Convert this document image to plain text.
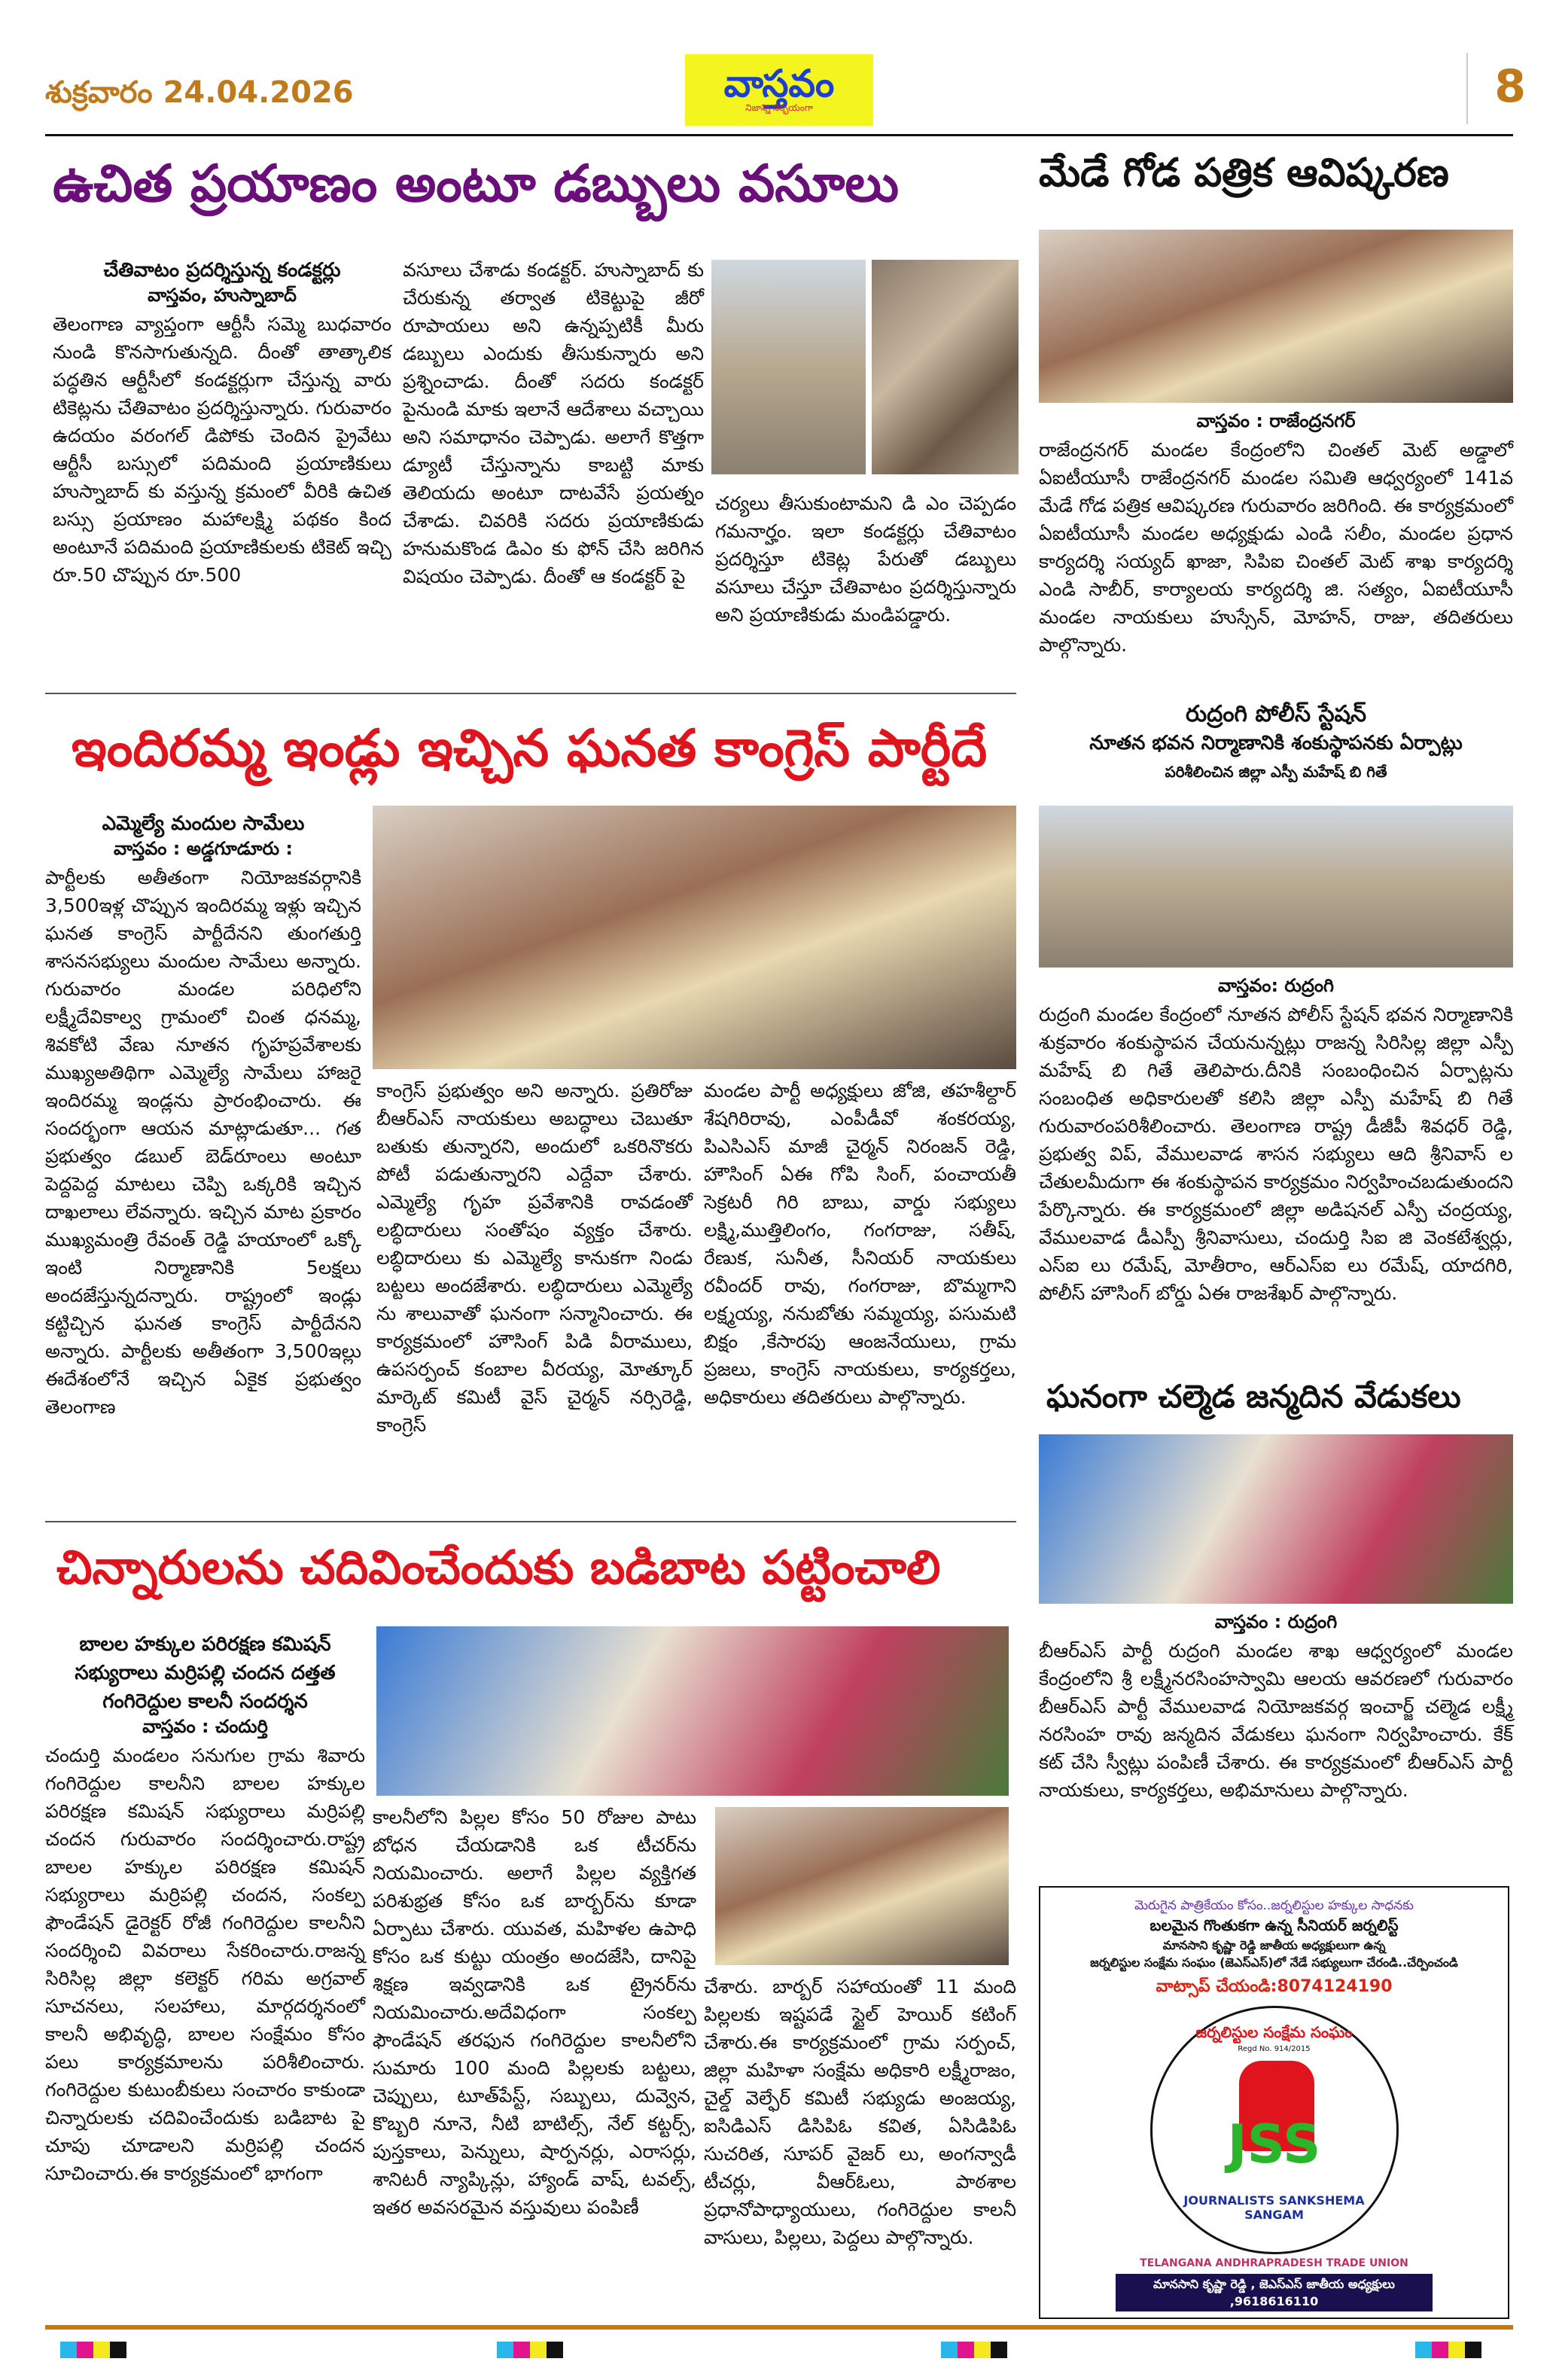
శుక్రవారం 24.04.2026	వాస్తవం
నిజాన్ని నిర్భయంగా	8
ఉచిత ప్రయాణం అంటూ డబ్బులు వసూలు
చేతివాటం ప్రదర్శిస్తున్న కండక్టర్లు
వాస్తవం, హుస్నాబాద్
తెలంగాణ వ్యాప్తంగా ఆర్టీసీ సమ్మె బుధవారం నుండి కొనసాగుతున్నది. దీంతో తాత్కాలిక పద్ధతిన ఆర్టీసీలో కండక్టర్లుగా చేస్తున్న వారు టికెట్లను చేతివాటం ప్రదర్శిస్తున్నారు. గురువారం ఉదయం వరంగల్ డిపోకు చెందిన ప్రైవేటు ఆర్టీసీ బస్సులో పదిమంది ప్రయాణికులు హుస్నాబాద్ కు వస్తున్న క్రమంలో వీరికి ఉచిత బస్సు ప్రయాణం మహాలక్ష్మి పథకం కింద అంటూనే పదిమంది ప్రయాణికులకు టికెట్ ఇచ్చి రూ.50 చొప్పున రూ.500
వసూలు చేశాడు కండక్టర్. హుస్నాబాద్ కు చేరుకున్న తర్వాత టికెట్టుపై జీరో రూపాయలు అని ఉన్నప్పటికీ మీరు డబ్బులు ఎందుకు తీసుకున్నారు అని ప్రశ్నించాడు. దీంతో సదరు కండక్టర్ పైనుండి మాకు ఇలానే ఆదేశాలు వచ్చాయి అని సమాధానం చెప్పాడు. అలాగే కొత్తగా డ్యూటీ చేస్తున్నాను కాబట్టి మాకు తెలియదు అంటూ దాటవేసే ప్రయత్నం చేశాడు. చివరికి సదరు ప్రయాణికుడు హనుమకొండ డిఎం కు ఫోన్ చేసి జరిగిన విషయం చెప్పాడు. దీంతో ఆ కండక్టర్ పై
చర్యలు తీసుకుంటామని డి ఎం చెప్పడం గమనార్హం. ఇలా కండక్టర్లు చేతివాటం ప్రదర్శిస్తూ టికెట్ల పేరుతో డబ్బులు వసూలు చేస్తూ చేతివాటం ప్రదర్శిస్తున్నారు అని ప్రయాణికుడు మండిపడ్డారు.
మేడే గోడ పత్రిక ఆవిష్కరణ
వాస్తవం : రాజేంద్రనగర్
రాజేంద్రనగర్ మండల కేంద్రంలోని చింతల్ మెట్ అడ్డాలో ఏఐటీయూసీ రాజేంద్రనగర్ మండల సమితి ఆధ్వర్యంలో 141వ మేడే గోడ పత్రిక ఆవిష్కరణ గురువారం జరిగింది. ఈ కార్యక్రమంలో ఏఐటీయూసీ మండల అధ్యక్షుడు ఎండి సలీం, మండల ప్రధాన కార్యదర్శి సయ్యద్ ఖాజా, సిపిఐ చింతల్ మెట్ శాఖ కార్యదర్శి ఎండి సాబీర్, కార్యాలయ కార్యదర్శి జి. సత్యం, ఏఐటీయూసీ మండల నాయకులు హుస్సేన్, మోహన్, రాజు, తదితరులు పాల్గొన్నారు.
ఇందిరమ్మ ఇండ్లు ఇచ్చిన ఘనత కాంగ్రెస్ పార్టీదే
ఎమ్మెల్యే మందుల సామేలు
వాస్తవం : అడ్డగూడూరు :
పార్టీలకు అతీతంగా నియోజకవర్గానికి 3,500ఇళ్ల చొప్పున ఇందిరమ్మ ఇళ్లు ఇచ్చిన ఘనత కాంగ్రెస్ పార్టీదేనని తుంగతుర్తి శాసనసభ్యులు మందుల సామేలు అన్నారు. గురువారం మండల పరిధిలోని లక్ష్మీదేవికాల్వ గ్రామంలో చింత ధనమ్మ, శివకోటి వేణు నూతన గృహప్రవేశాలకు ముఖ్యఅతిథిగా ఎమ్మెల్యే సామేలు హాజరై ఇందిరమ్మ ఇండ్లను ప్రారంభించారు. ఈ సందర్భంగా ఆయన మాట్లాడుతూ... గత ప్రభుత్వం డబుల్ బెడ్‌రూంలు అంటూ పెద్దపెద్ద మాటలు చెప్పి ఒక్కరికి ఇచ్చిన దాఖలాలు లేవన్నారు. ఇచ్చిన మాట ప్రకారం ముఖ్యమంత్రి రేవంత్ రెడ్డి హయాంలో ఒక్కో ఇంటి నిర్మాణానికి 5లక్షలు అందజేస్తున్నదన్నారు. రాష్ట్రంలో ఇండ్లు కట్టిచ్చిన ఘనత కాంగ్రెస్ పార్టీదేనని అన్నారు. పార్టీలకు అతీతంగా 3,500ఇల్లు ఈదేశంలోనే ఇచ్చిన ఏకైక ప్రభుత్వం తెలంగాణ
కాంగ్రెస్ ప్రభుత్వం అని అన్నారు. ప్రతిరోజు బీఆర్ఎస్ నాయకులు అబద్ధాలు చెబుతూ బతుకు తున్నారని, అందులో ఒకరినొకరు పోటీ పడుతున్నారని ఎద్దేవా చేశారు. ఎమ్మెల్యే గృహ ప్రవేశానికి రావడంతో లబ్ధిదారులు సంతోషం వ్యక్తం చేశారు. లబ్ధిదారులు కు ఎమ్మెల్యే కానుకగా నిండు బట్టలు అందజేశారు. లబ్ధిదారులు ఎమ్మెల్యే ను శాలువాతో ఘనంగా సన్మానించారు. ఈ కార్యక్రమంలో హౌసింగ్ పిడి వీరాములు, ఉపసర్పంచ్ కంబాల వీరయ్య, మోత్కూర్ మార్కెట్ కమిటీ వైస్ చైర్మన్ నర్సిరెడ్డి, కాంగ్రెస్
మండల పార్టీ అధ్యక్షులు జోజి, తహశీల్దార్ శేషగిరిరావు, ఎంపీడీవో శంకరయ్య, పిఎసిఎస్ మాజీ చైర్మన్ నిరంజన్ రెడ్డి, హౌసింగ్ ఏఈ గోపి సింగ్, పంచాయతీ సెక్రటరీ గిరి బాబు, వార్డు సభ్యులు లక్ష్మి,ముత్తిలింగం, గంగరాజు, సతీష్, రేణుక, సునీత, సీనియర్ నాయకులు రవీందర్ రావు, గంగరాజు, బొమ్మగాని లక్ష్మయ్య, ననుబోతు సమ్మయ్య, పసుమటి బిక్షం ,కేసారపు ఆంజనేయులు, గ్రామ ప్రజలు, కాంగ్రెస్ నాయకులు, కార్యకర్తలు, అధికారులు తదితరులు పాల్గొన్నారు.
రుద్రంగి పోలీస్ స్టేషన్
నూతన భవన నిర్మాణానికి శంకుస్థాపనకు ఏర్పాట్లు
పరిశీలించిన జిల్లా ఎస్పీ మహేష్ బి గితే
వాస్తవం: రుద్రంగి
రుద్రంగి మండల కేంద్రంలో నూతన పోలీస్ స్టేషన్ భవన నిర్మాణానికి శుక్రవారం శంకుస్థాపన చేయనున్నట్లు రాజన్న సిరిసిల్ల జిల్లా ఎస్పీ మహేష్ బి గితే తెలిపారు.దీనికి సంబంధించిన ఏర్పాట్లను సంబంధిత అధికారులతో కలిసి జిల్లా ఎస్పీ మహేష్ బి గితే గురువారంపరిశీలించారు. తెలంగాణ రాష్ట్ర డీజీపీ శివధర్ రెడ్డి, ప్రభుత్వ విప్, వేములవాడ శాసన సభ్యులు ఆది శ్రీనివాస్ ల చేతులమీదుగా ఈ శంకుస్థాపన కార్యక్రమం నిర్వహించబడుతుందని పేర్కొన్నారు. ఈ కార్యక్రమంలో జిల్లా అడిషనల్ ఎస్పీ చంద్రయ్య, వేములవాడ డీఎస్పీ శ్రీనివాసులు, చందుర్తి సిఐ జి వెంకటేశ్వర్లు, ఎస్ఐ లు రమేష్, మోతీరాం, ఆర్ఎస్ఐ లు రమేష్, యాదగిరి, పోలీస్ హౌసింగ్ బోర్డు ఏఈ రాజశేఖర్ పాల్గొన్నారు.
ఘనంగా చల్మెడ జన్మదిన వేడుకలు
వాస్తవం : రుద్రంగి
బీఆర్ఎస్ పార్టీ రుద్రంగి మండల శాఖ ఆధ్వర్యంలో మండల కేంద్రంలోని శ్రీ లక్ష్మీనరసింహస్వామి ఆలయ ఆవరణలో గురువారం బీఆర్ఎస్ పార్టీ వేములవాడ నియోజకవర్గ ఇంచార్జ్ చల్మెడ లక్ష్మీ నరసింహ రావు జన్మదిన వేడుకలు ఘనంగా నిర్వహించారు. కేక్ కట్ చేసి స్వీట్లు పంపిణీ చేశారు. ఈ కార్యక్రమంలో బీఆర్ఎస్ పార్టీ నాయకులు, కార్యకర్తలు, అభిమానులు పాల్గొన్నారు.
చిన్నారులను చదివించేందుకు బడిబాట పట్టించాలి
బాలల హక్కుల పరిరక్షణ కమిషన్ సభ్యురాలు మర్రిపల్లి చందన దత్తత గంగిరెద్దుల కాలనీ సందర్శన
వాస్తవం : చందుర్తి
చందుర్తి మండలం సనుగుల గ్రామ శివారు గంగిరెద్దుల కాలనీని బాలల హక్కుల పరిరక్షణ కమిషన్ సభ్యురాలు మర్రిపల్లి చందన గురువారం సందర్శించారు.రాష్ట్ర బాలల హక్కుల పరిరక్షణ కమిషన్ సభ్యురాలు మర్రిపల్లి చందన, సంకల్ప ఫౌండేషన్ డైరెక్టర్ రోజీ గంగిరెద్దుల కాలనీని సందర్శించి వివరాలు సేకరించారు.రాజన్న సిరిసిల్ల జిల్లా కలెక్టర్ గరిమ అగ్రవాల్ సూచనలు, సలహాలు, మార్గదర్శనంలో కాలనీ అభివృద్ధి, బాలల సంక్షేమం కోసం పలు కార్యక్రమాలను పరిశీలించారు. గంగిరెద్దుల కుటుంబీకులు సంచారం కాకుండా చిన్నారులకు చదివించేందుకు బడిబాట పై చూపు చూడాలని మర్రిపల్లి చందన సూచించారు.ఈ కార్యక్రమంలో భాగంగా
కాలనీలోని పిల్లల కోసం 50 రోజుల పాటు బోధన చేయడానికి ఒక టీచర్‌ను నియమించారు. అలాగే పిల్లల వ్యక్తిగత పరిశుభ్రత కోసం ఒక బార్బర్‌ను కూడా ఏర్పాటు చేశారు. యువత, మహిళల ఉపాధి కోసం ఒక కుట్టు యంత్రం అందజేసి, దానిపై శిక్షణ ఇవ్వడానికి ఒక ట్రైనర్‌ను నియమించారు.అదేవిధంగా సంకల్ప ఫౌండేషన్ తరఫున గంగిరెద్దుల కాలనీలోని సుమారు 100 మంది పిల్లలకు బట్టలు, చెప్పులు, టూత్‌పేస్ట్, సబ్బులు, దువ్వెన, కొబ్బరి నూనె, నీటి బాటిల్స్, నేల్ కట్టర్స్, పుస్తకాలు, పెన్నులు, షార్పనర్లు, ఎరాసర్లు, శానిటరీ న్యాప్కిన్లు, హ్యాండ్ వాష్, టవల్స్, ఇతర అవసరమైన వస్తువులు పంపిణీ
చేశారు. బార్బర్ సహాయంతో 11 మంది పిల్లలకు ఇష్టపడే స్టైల్ హెయిర్ కటింగ్ చేశారు.ఈ కార్యక్రమంలో గ్రామ సర్పంచ్, జిల్లా మహిళా సంక్షేమ అధికారి లక్ష్మీరాజం, చైల్డ్ వెల్ఫేర్ కమిటీ సభ్యుడు అంజయ్య, ఐసిడిఎస్ డిసిపిఓ కవిత, ఏసిడిపిఓ సుచరిత, సూపర్ వైజర్ లు, అంగన్వాడీ టీచర్లు, వీఆర్ఓలు, పాఠశాల ప్రధానోపాధ్యాయులు, గంగిరెద్దుల కాలనీ వాసులు, పిల్లలు, పెద్దలు పాల్గొన్నారు.
మెరుగైన పాత్రికేయం కోసం..జర్నలిస్టుల హక్కుల సాధనకు
బలమైన గొంతుకగా ఉన్న సీనియర్ జర్నలిస్ట్
మానసాని కృష్ణా రెడ్డి జాతీయ అధ్యక్షులుగా ఉన్న
జర్నలిస్టుల సంక్షేమ సంఘం (జెఎస్ఎస్)లో నేడే సభ్యులుగా చేరండి..చేర్పించండి
వాట్సాప్ చేయండి:8074124190
జర్నలిస్టుల సంక్షేమ సంఘం
Regd No. 914/2015
JSS
JOURNALISTS SANKSHEMA SANGAM
TELANGANA ANDHRAPRADESH TRADE UNION
మానసాని కృష్ణా రెడ్డి , జెఎస్ఎస్ జాతీయ అధ్యక్షులు ,9618616110
